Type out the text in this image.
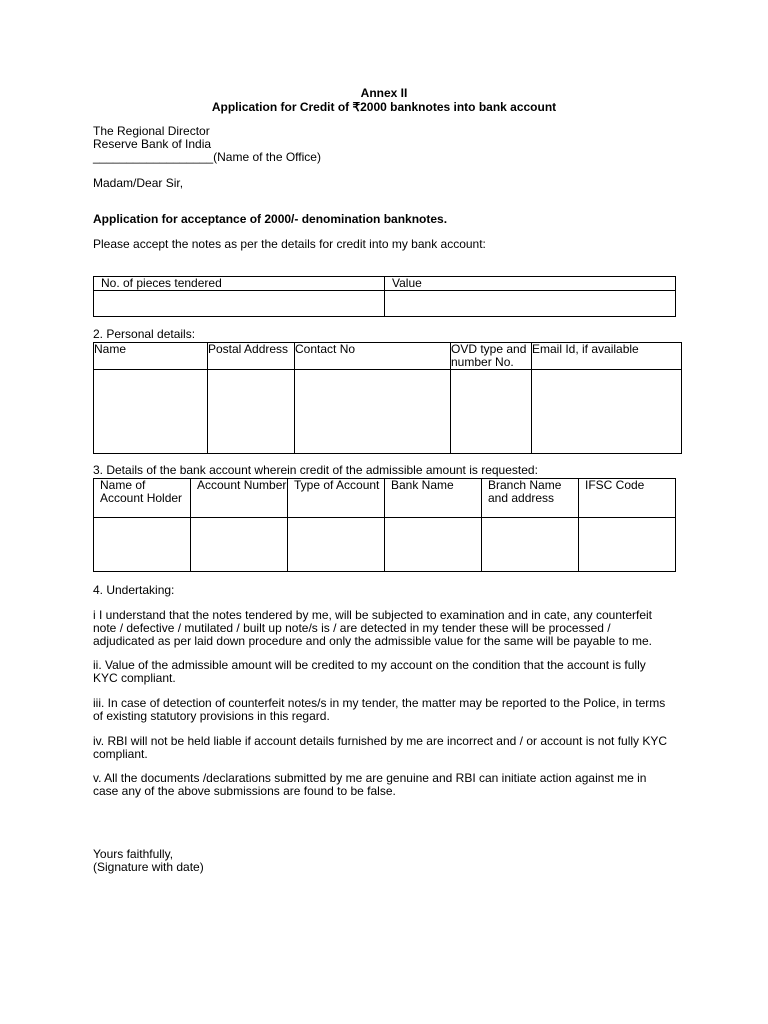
Annex II
Application for Credit of ₹2000 banknotes into bank account

The Regional Director

Reserve Bank of India

__________________(Name of the Office)

Madam/Dear Sir,
Application for acceptance of 2000/- denomination banknotes.
Please accept the notes as per the details for credit into my bank account:
No. of pieces tendered	Value

2. Personal details:
Name	Postal Address	Contact No	OVD type and number No.	Email Id, if available

3. Details of the bank account wherein credit of the admissible amount is requested:
Name of Account Holder	Account Number	Type of Account	Bank Name	Branch Name and address	IFSC Code

4. Undertaking:

i I understand that the notes tendered by me, will be subjected to examination and in cate, any counterfeit note / defective / mutilated / built up note/s is / are detected in my tender these will be processed / adjudicated as per laid down procedure and only the admissible value for the same will be payable to me.

ii. Value of the admissible amount will be credited to my account on the condition that the account is fully KYC compliant.

iii. In case of detection of counterfeit notes/s in my tender, the matter may be reported to the Police, in terms of existing statutory provisions in this regard.

iv. RBI will not be held liable if account details furnished by me are incorrect and / or account is not fully KYC compliant.

v. All the documents /declarations submitted by me are genuine and RBI can initiate action against me in case any of the above submissions are found to be false.

Yours faithfully,

(Signature with date)
